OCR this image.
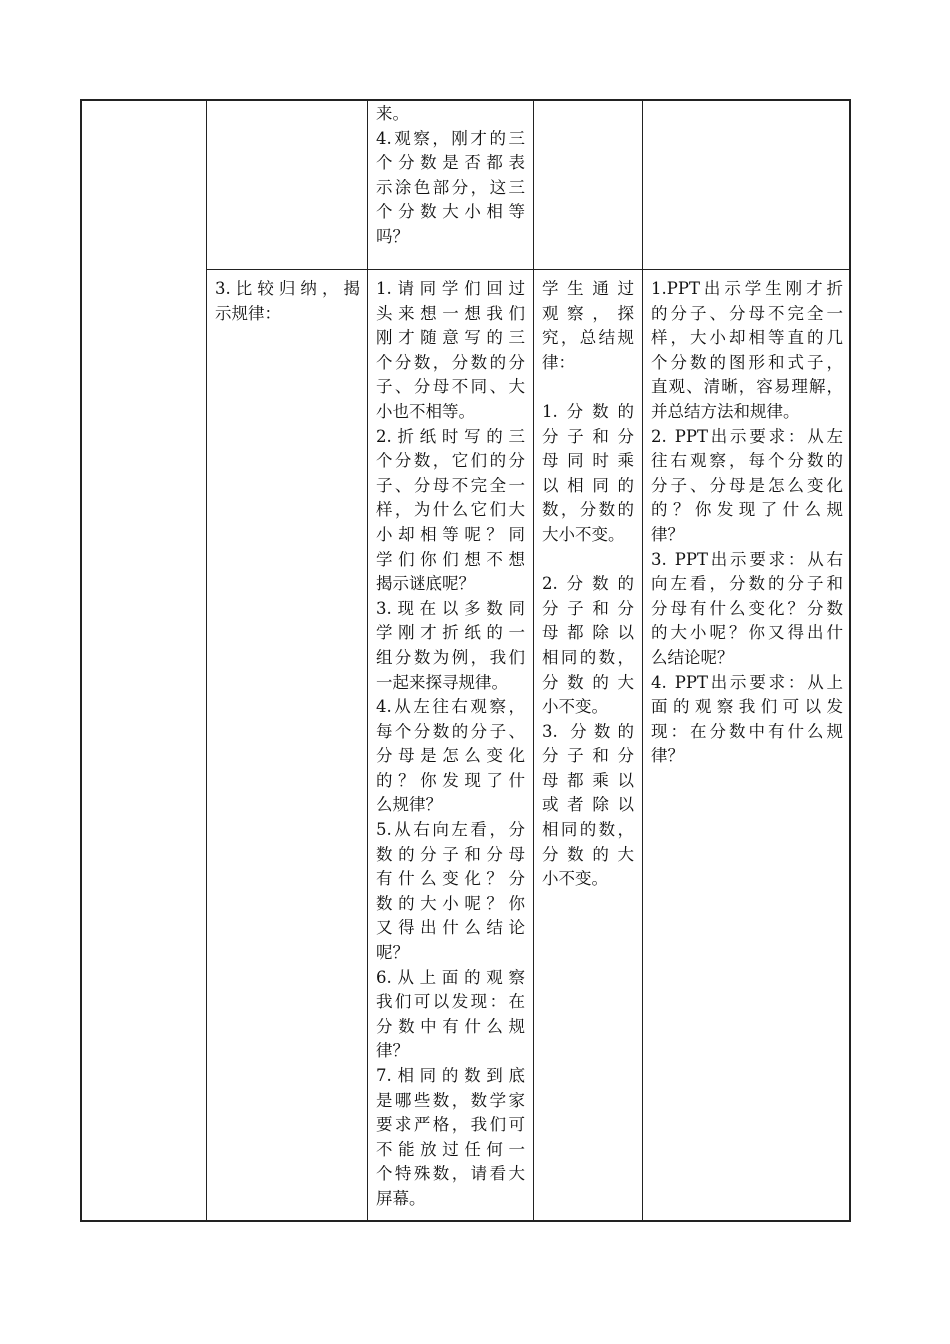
来。
4.观察，刚才的三
个分数是否都表
示涂色部分，这三
个分数大小相等
吗？
3.比较归纳，揭
示规律：
1.请同学们回过
头来想一想我们
刚才随意写的三
个分数，分数的分
子、分母不同、大
小也不相等。
2.折纸时写的三
个分数，它们的分
子、分母不完全一
样，为什么它们大
小却相等呢？同
学们你们想不想
揭示谜底呢？
3.现在以多数同
学刚才折纸的一
组分数为例，我们
一起来探寻规律。
4.从左往右观察，
每个分数的分子、
分母是怎么变化
的？你发现了什
么规律？
5.从右向左看，分
数的分子和分母
有什么变化？分
数的大小呢？你
又得出什么结论
呢？
6.从上面的观察
我们可以发现：在
分数中有什么规
律？
7.相同的数到底
是哪些数，数学家
要求严格，我们可
不能放过任何一
个特殊数，请看大
屏幕。
学生通过
观察，探
究，总结规
律：
1.分数的
分子和分
母同时乘
以相同的
数，分数的
大小不变。
2.分数的
分子和分
母都除以
相同的数，
分数的大
小不变。
3. 分数的
分子和分
母都乘以
或者除以
相同的数，
分数的大
小不变。
1.PPT出示学生刚才折
的分子、分母不完全一
样，大小却相等直的几
个分数的图形和式子，
直观、清晰，容易理解，
并总结方法和规律。
2. PPT出示要求：从左
往右观察，每个分数的
分子、分母是怎么变化
的？你发现了什么规
律？
3. PPT出示要求：从右
向左看，分数的分子和
分母有什么变化？分数
的大小呢？你又得出什
么结论呢？
4. PPT出示要求：从上
面的观察我们可以发
现：在分数中有什么规
律？
